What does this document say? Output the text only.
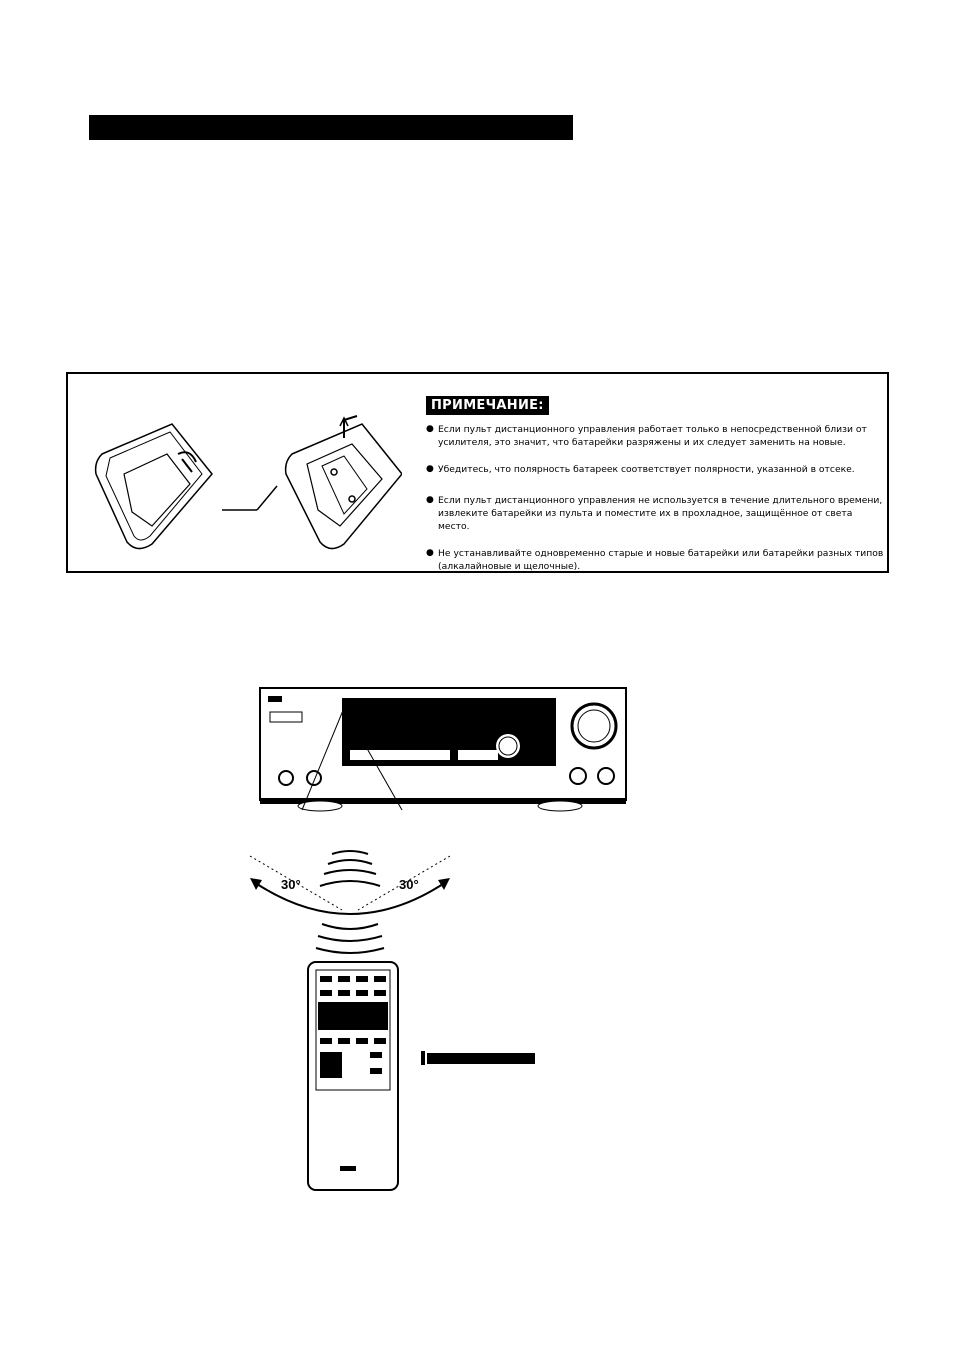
ПРИМЕЧАНИЕ:
● Если пульт дистанционного управления работает только в непосредственной близи от усилителя, это значит, что батарейки разряжены и их следует заменить на новые.
● Убедитесь, что полярность батареек соответствует полярности, указанной в отсеке.
● Если пульт дистанционного управления не используется в течение длительного времени, извлеките батарейки из пульта и поместите их в прохладное, защищённое от света место.
● Не устанавливайте одновременно старые и новые батарейки или батарейки разных типов (алкалайновые и щелочные).
30°	30°
